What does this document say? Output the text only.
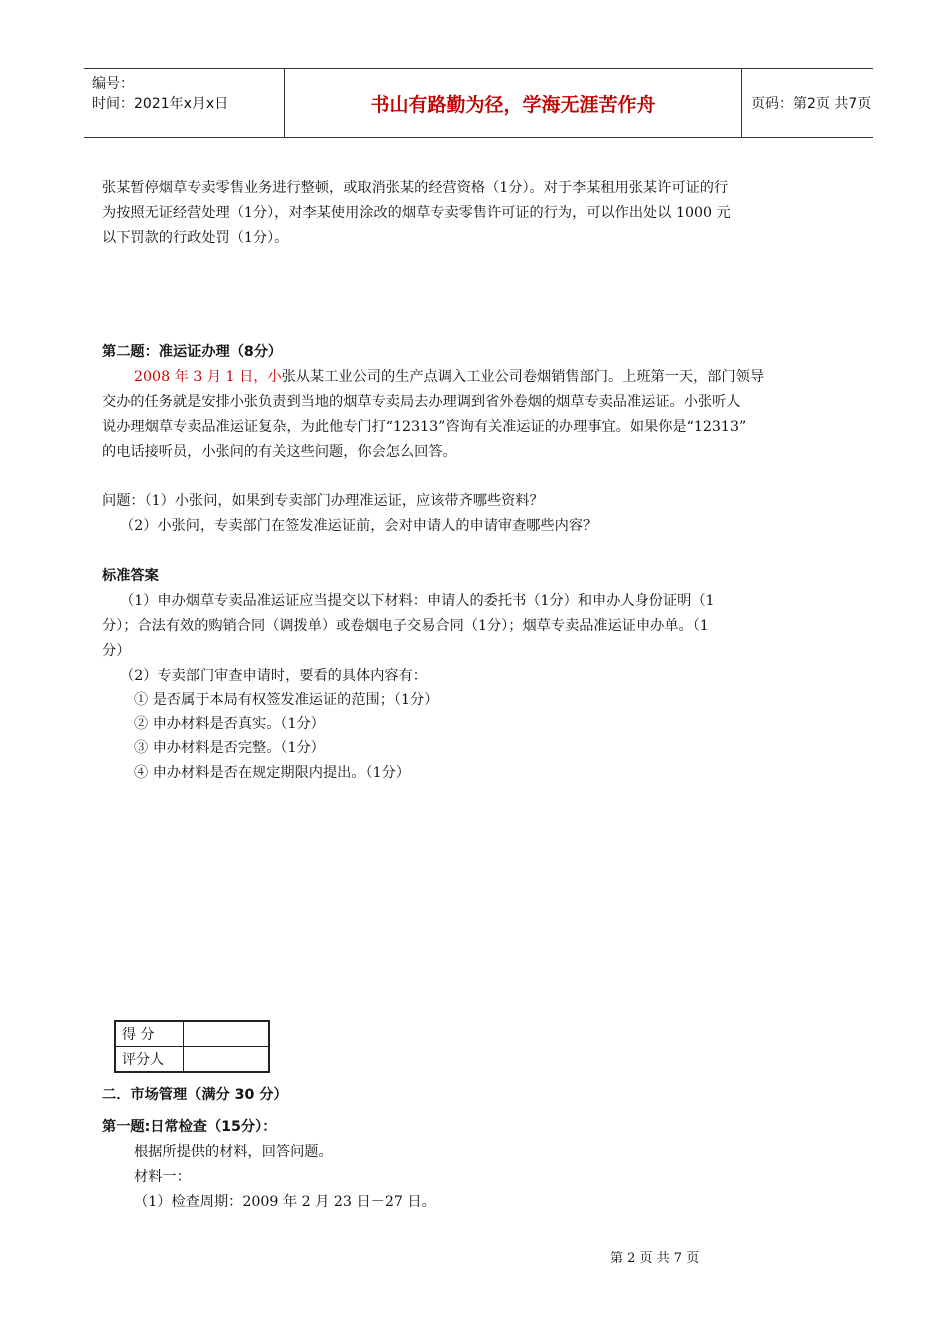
编号：
时间：2021年x月x日	书山有路勤为径，学海无涯苦作舟	页码：第2页 共7页
张某暂停烟草专卖零售业务进行整顿，或取消张某的经营资格（1分）。对于李某租用张某许可证的行
为按照无证经营处理（1分），对李某使用涂改的烟草专卖零售许可证的行为，可以作出处以 1000 元
以下罚款的行政处罚（1分）。
第二题：准运证办理（8分）
2008 年 3 月 1 日，小张从某工业公司的生产点调入工业公司卷烟销售部门。上班第一天，部门领导
交办的任务就是安排小张负责到当地的烟草专卖局去办理调到省外卷烟的烟草专卖品准运证。小张听人
说办理烟草专卖品准运证复杂，为此他专门打“12313”咨询有关准运证的办理事宜。如果你是“12313”
的电话接听员，小张问的有关这些问题，你会怎么回答。
问题：（1）小张问，如果到专卖部门办理准运证，应该带齐哪些资料？
（2）小张问，专卖部门在签发准运证前，会对申请人的申请审查哪些内容？
标准答案
（1）申办烟草专卖品准运证应当提交以下材料：申请人的委托书（1分）和申办人身份证明（1
分）；合法有效的购销合同（调拨单）或卷烟电子交易合同（1分）；烟草专卖品准运证申办单。（1
分）
（2）专卖部门审查申请时，要看的具体内容有：
① 是否属于本局有权签发准运证的范围；（1分）
② 申办材料是否真实。（1分）
③ 申办材料是否完整。（1分）
④ 申办材料是否在规定期限内提出。（1分）
得 分	
评分人	
二．市场管理（满分 30 分）
第一题:日常检查（15分）：
根据所提供的材料，回答问题。
材料一：
（1）检查周期：2009 年 2 月 23 日－27 日。
第 2 页 共 7 页
